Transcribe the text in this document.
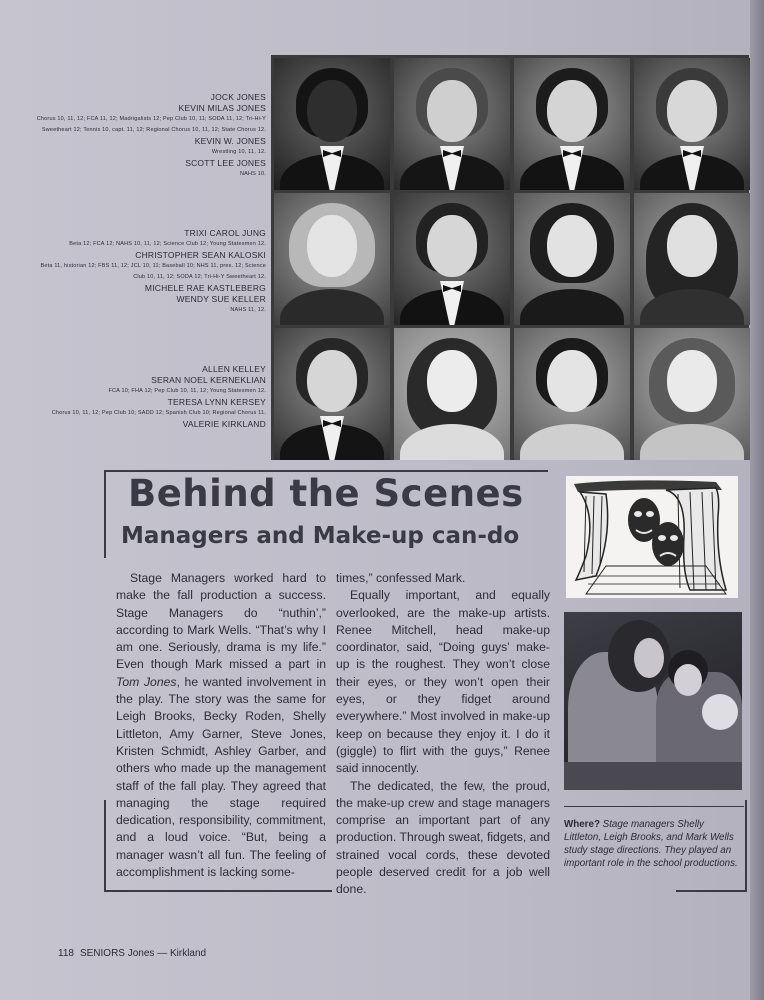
JOCK JONES
KEVIN MILAS JONES
Chorus 10, 11, 12; FCA 11, 12; Madrigalists 12; Pep Club 10, 11; SODA 11, 12; Tri-Hi-Y Sweetheart 12; Tennis 10, capt. 11, 12; Regional Chorus 10, 11, 12; State Chorus 12.
KEVIN W. JONES
Wrestling 10, 11, 12.
SCOTT LEE JONES
NAHS 10.
TRIXI CAROL JUNG
Beta 12; FCA 12; NAHS 10, 11, 12; Science Club 12; Young Statesmen 12.
CHRISTOPHER SEAN KALOSKI
Beta 11, historian 12; FBS 11, 12; JCL 10, 11; Baseball 10; NHS 11, pres. 12; Science Club 10, 11, 12; SODA 12; Tri-Hi-Y Sweetheart 12.
MICHELE RAE KASTLEBERG
WENDY SUE KELLER
NAHS 11, 12.
ALLEN KELLEY
SERAN NOEL KERNEKLIAN
FCA 10; FHA 12; Pep Club 10, 11, 12; Young Statesmen 12.
TERESA LYNN KERSEY
Chorus 10, 11, 12; Pep Club 10; SADD 12; Spanish Club 10; Regional Chorus 11.
VALERIE KIRKLAND
Behind the Scenes
Managers and Make-up can-do

Stage Managers worked hard to make the fall production a success. Stage Managers do “nuthin’,” according to Mark Wells. “That’s why I am one. Seriously, drama is my life.” Even though Mark missed a part in Tom Jones, he wanted involvement in the play. The story was the same for Leigh Brooks, Becky Roden, Shelly Littleton, Amy Garner, Steve Jones, Kristen Schmidt, Ashley Garber, and others who made up the management staff of the fall play. They agreed that managing the stage required dedication, responsibility, commitment, and a loud voice. “But, being a manager wasn’t all fun. The feeling of accomplishment is lacking some-

times,” confessed Mark.

Equally important, and equally overlooked, are the make-up artists. Renee Mitchell, head make-up coordinator, said, “Doing guys’ make-up is the roughest. They won’t close their eyes, or they won’t open their eyes, or they fidget around everywhere.” Most involved in make-up keep on because they enjoy it. I do it (giggle) to flirt with the guys,” Renee said innocently.

The dedicated, the few, the proud, the make-up crew and stage managers comprise an important part of any production. Through sweat, fidgets, and strained vocal cords, these devoted people deserved credit for a job well done.

Where? Stage managers Shelly Littleton, Leigh Brooks, and Mark Wells study stage directions. They played an important role in the school productions.
118 SENIORS Jones — Kirkland
